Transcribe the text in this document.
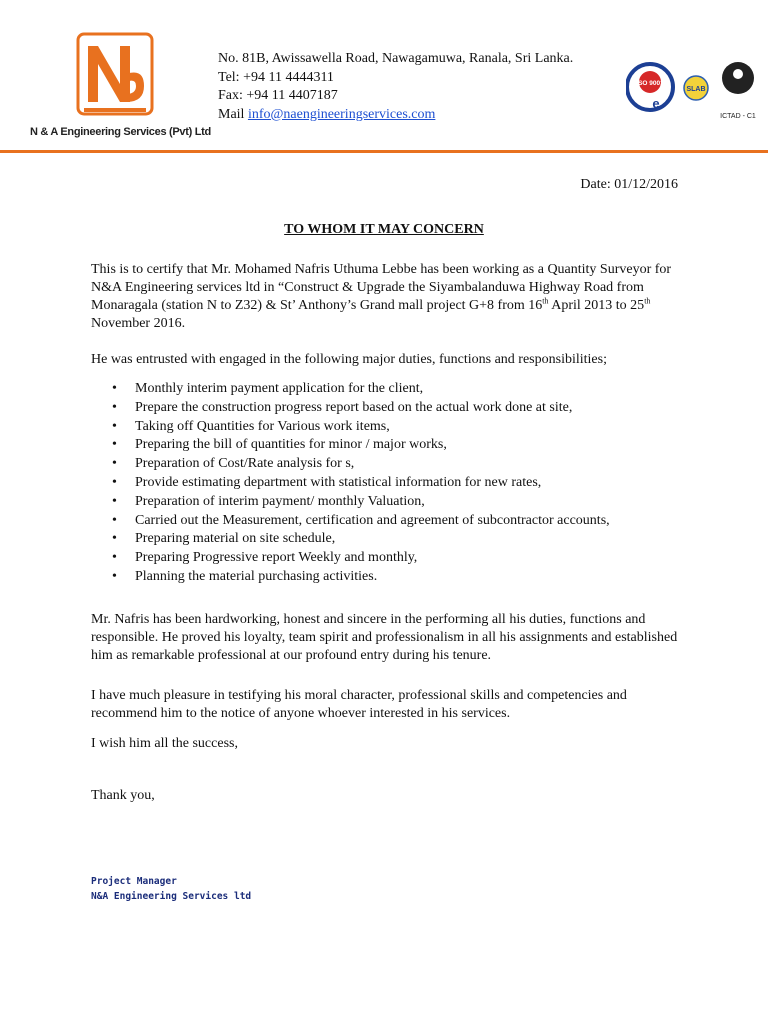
N & A Engineering Services (Pvt) Ltd
No. 81B, Awissawella Road, Nawagamuwa, Ranala, Sri Lanka.
Tel: +94 11 4444311
Fax: +94 11 4407187
Mail info@naengineeringservices.com
ISO 9001
e
SLAB
ICTAD - C1
Date: 01/12/2016
TO WHOM IT MAY CONCERN

This is to certify that Mr. Mohamed Nafris Uthuma Lebbe has been working as a Quantity Surveyor for N&A Engineering services ltd in “Construct & Upgrade the Siyambalanduwa Highway Road from Monaragala (station N to Z32) & St’ Anthony’s Grand mall project G+8 from 16th April 2013 to 25th November 2016.

He was entrusted with engaged in the following major duties, functions and responsibilities;

• Monthly interim payment application for the client,
• Prepare the construction progress report based on the actual work done at site,
• Taking off Quantities for Various work items,
• Preparing the bill of quantities for minor / major works,
• Preparation of Cost/Rate analysis for s,
• Provide estimating department with statistical information for new rates,
• Preparation of interim payment/ monthly Valuation,
• Carried out the Measurement, certification and agreement of subcontractor accounts,
• Preparing material on site schedule,
• Preparing Progressive report Weekly and monthly,
• Planning the material purchasing activities.

Mr. Nafris has been hardworking, honest and sincere in the performing all his duties, functions and responsible. He proved his loyalty, team spirit and professionalism in all his assignments and established him as remarkable professional at our profound entry during his tenure.

I have much pleasure in testifying his moral character, professional skills and competencies and recommend him to the notice of anyone whoever interested in his services.

I wish him all the success,

Thank you,

Project Manager
N&A Engineering Services ltd
